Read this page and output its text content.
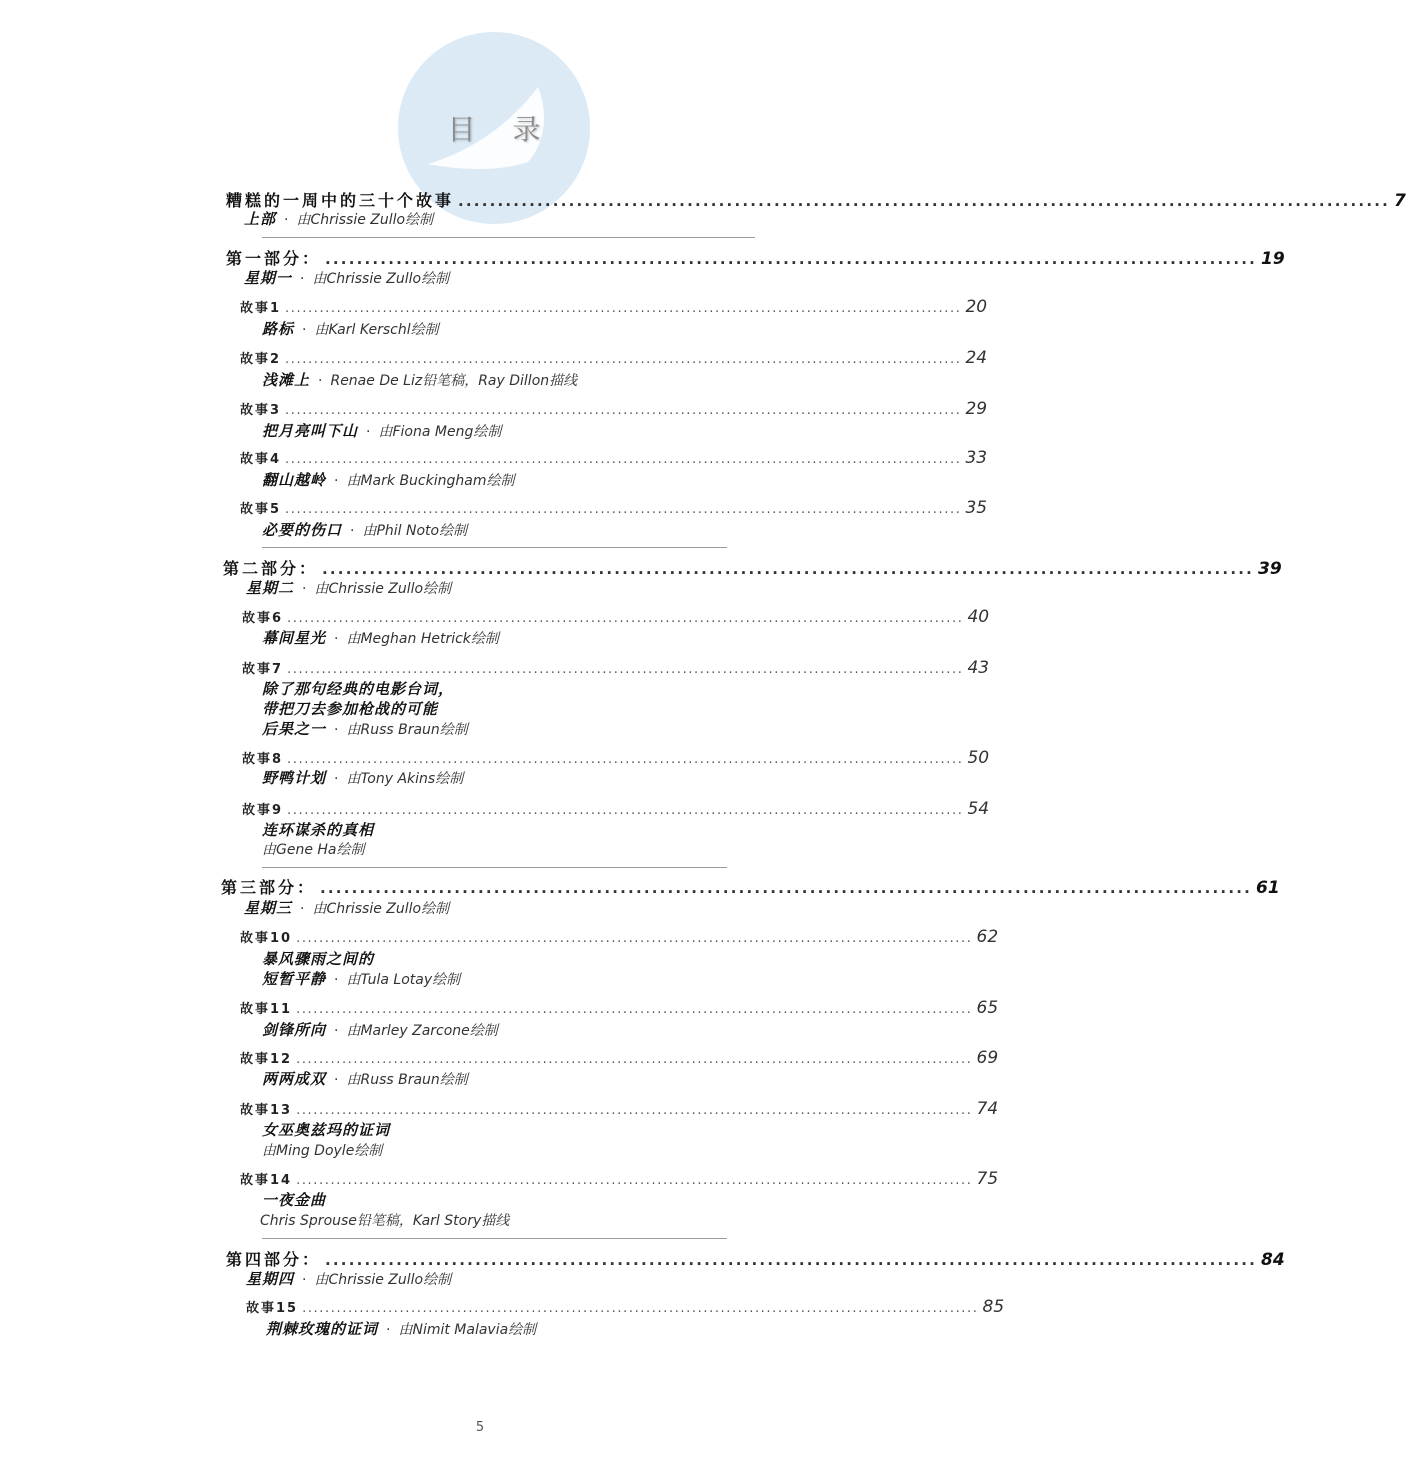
目 录
糟糕的一周中的三十个故事 ...................................................................................................................... 7
上部 · 由Chrissie Zullo绘制
第一部分： ...................................................................................................................... 19
星期一 · 由Chrissie Zullo绘制
故事1 ...................................................................................................................... 20
路标 · 由Karl Kerschl绘制
故事2 ...................................................................................................................... 24
浅滩上 · Renae De Liz铅笔稿，Ray Dillon描线
故事3 ...................................................................................................................... 29
把月亮叫下山 · 由Fiona Meng绘制
故事4 ...................................................................................................................... 33
翻山越岭 · 由Mark Buckingham绘制
故事5 ...................................................................................................................... 35
必要的伤口 · 由Phil Noto绘制
第二部分： ...................................................................................................................... 39
星期二 · 由Chrissie Zullo绘制
故事6 ...................................................................................................................... 40
幕间星光 · 由Meghan Hetrick绘制
故事7 ...................................................................................................................... 43
除了那句经典的电影台词，
带把刀去参加枪战的可能
后果之一 · 由Russ Braun绘制
故事8 ...................................................................................................................... 50
野鸭计划 · 由Tony Akins绘制
故事9 ...................................................................................................................... 54
连环谋杀的真相
由Gene Ha绘制
第三部分： ...................................................................................................................... 61
星期三 · 由Chrissie Zullo绘制
故事10 ...................................................................................................................... 62
暴风骤雨之间的
短暂平静 · 由Tula Lotay绘制
故事11 ...................................................................................................................... 65
剑锋所向 · 由Marley Zarcone绘制
故事12 ...................................................................................................................... 69
两两成双 · 由Russ Braun绘制
故事13 ...................................................................................................................... 74
女巫奥兹玛的证词
由Ming Doyle绘制
故事14 ...................................................................................................................... 75
一夜金曲
Chris Sprouse铅笔稿，Karl Story描线
第四部分： ...................................................................................................................... 84
星期四 · 由Chrissie Zullo绘制
故事15 ...................................................................................................................... 85
荆棘玫瑰的证词 · 由Nimit Malavia绘制
5
